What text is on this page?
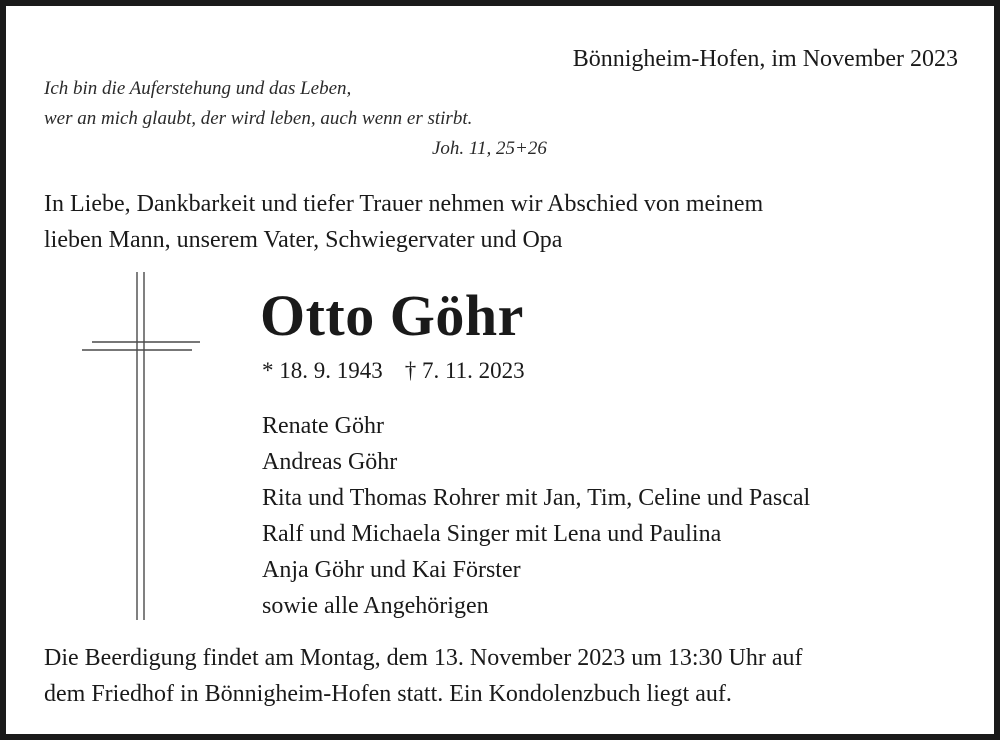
Bönnigheim-Hofen, im November 2023
Ich bin die Auferstehung und das Leben,
wer an mich glaubt, der wird leben, auch wenn er stirbt.
Joh. 11, 25+26
In Liebe, Dankbarkeit und tiefer Trauer nehmen wir Abschied von meinem
lieben Mann, unserem Vater, Schwiegervater und Opa
Otto Göhr
* 18. 9. 1943 † 7. 11. 2023
Renate Göhr
Andreas Göhr
Rita und Thomas Rohrer mit Jan, Tim, Celine und Pascal
Ralf und Michaela Singer mit Lena und Paulina
Anja Göhr und Kai Förster
sowie alle Angehörigen
Die Beerdigung findet am Montag, dem 13. November 2023 um 13:30 Uhr auf
dem Friedhof in Bönnigheim-Hofen statt. Ein Kondolenzbuch liegt auf.
